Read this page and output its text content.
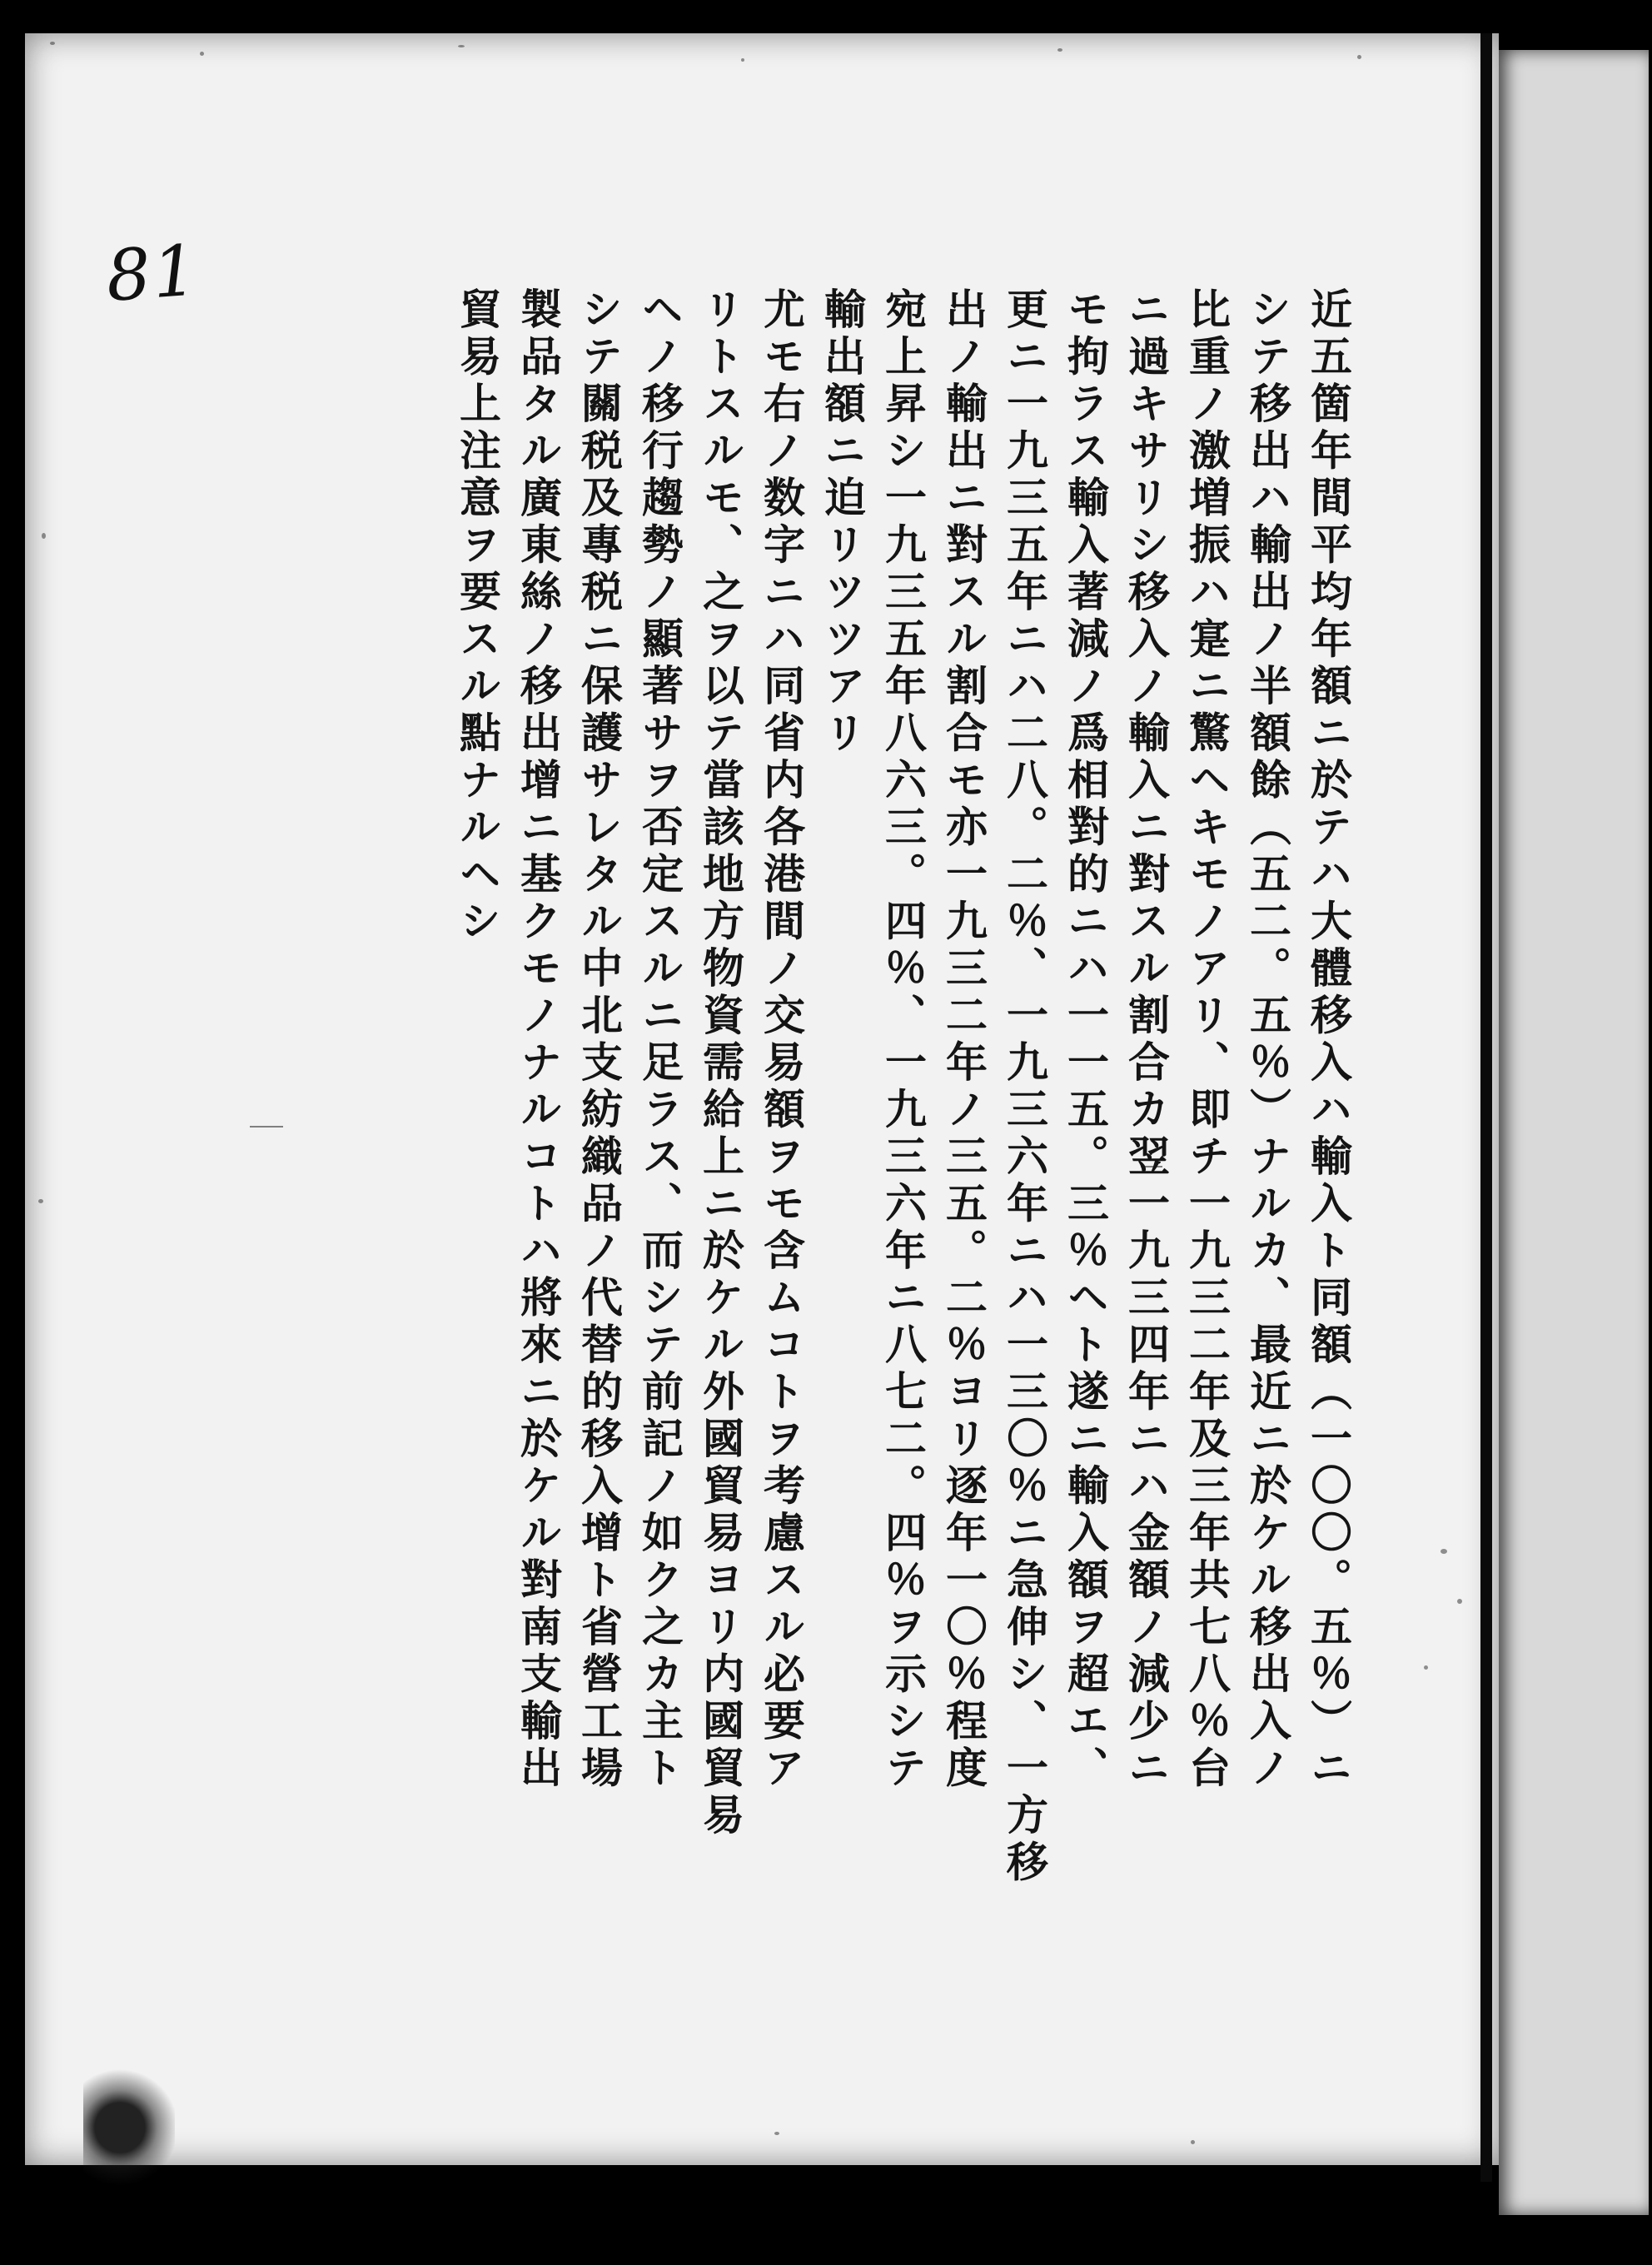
81
近五箇年間平均年額ニ於テハ大體移入ハ輸入ト同額（一〇〇。五％）ニ
シテ移出ハ輸出ノ半額餘（五二。五％）ナルカ、最近ニ於ケル移出入ノ
比重ノ激増振ハ寔ニ驚ヘキモノアリ、即チ一九三二年及三年共七八％台
ニ過キサリシ移入ノ輸入ニ對スル割合カ翌一九三四年ニハ金額ノ減少ニ
モ拘ラス輸入著減ノ爲相對的ニハ一一五。三％ヘト遂ニ輸入額ヲ超エ、
更ニ一九三五年ニハ二八。二％、一九三六年ニハ一三〇％ニ急伸シ、一方移
出ノ輸出ニ對スル割合モ亦一九三二年ノ三五。二％ヨリ逐年一〇％程度
宛上昇シ一九三五年八六三。四％、一九三六年ニ八七二。四％ヲ示シテ
輸出額ニ迫リツツアリ
尤モ右ノ数字ニハ同省内各港間ノ交易額ヲモ含ムコトヲ考慮スル必要ア
リトスルモ、之ヲ以テ當該地方物資需給上ニ於ケル外國貿易ヨリ内國貿易
ヘノ移行趨勢ノ顯著サヲ否定スルニ足ラス、而シテ前記ノ如ク之カ主ト
シテ關税及專税ニ保護サレタル中北支紡織品ノ代替的移入增ト省營工場
製品タル廣東絲ノ移出增ニ基クモノナルコトハ將來ニ於ケル對南支輸出
貿易上注意ヲ要スル點ナルヘシ
